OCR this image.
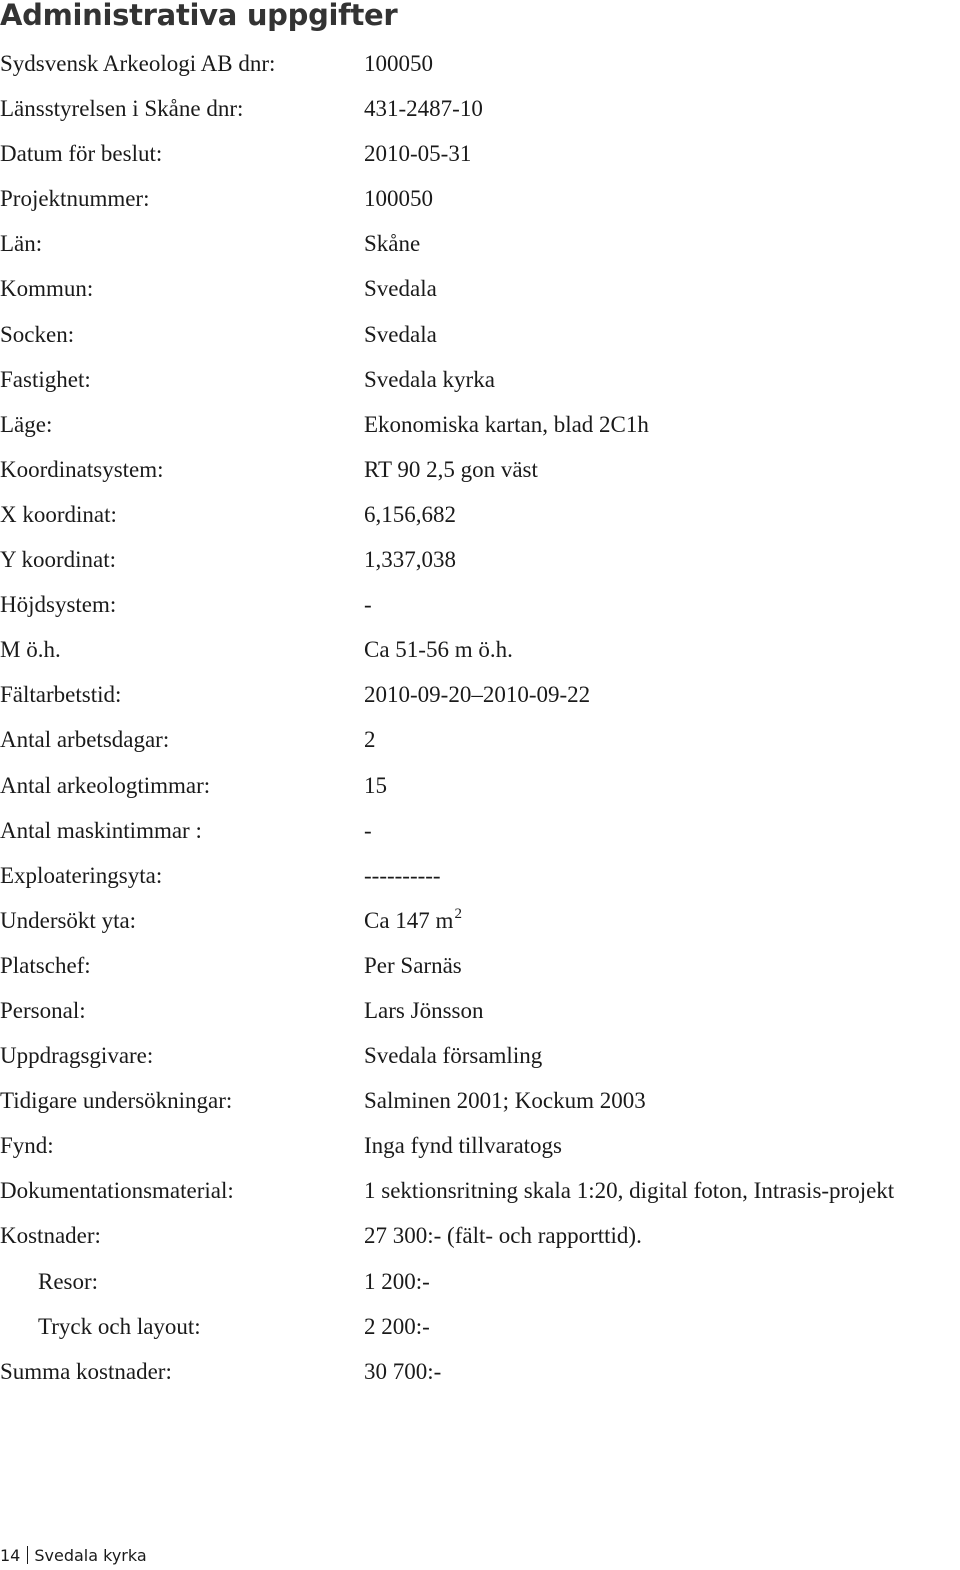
Administrativa uppgifter
Sydsvensk Arkeologi AB dnr:	100050
Länsstyrelsen i Skåne dnr:	431-2487-10
Datum för beslut:	2010-05-31
Projektnummer:	100050
Län:	Skåne
Kommun:	Svedala
Socken:	Svedala
Fastighet:	Svedala kyrka
Läge:	Ekonomiska kartan, blad 2C1h
Koordinatsystem:	RT 90 2,5 gon väst
X koordinat:	6,156,682
Y koordinat:	1,337,038
Höjdsystem:	-
M ö.h.	Ca 51-56 m ö.h.
Fältarbetstid:	2010-09-20–2010-09-22
Antal arbetsdagar:	2
Antal arkeologtimmar:	15
Antal maskintimmar :	-
Exploateringsyta:	----------
Undersökt yta:	Ca 147 $m^2$
Platschef:	Per Sarnäs
Personal:	Lars Jönsson
Uppdragsgivare:	Svedala församling
Tidigare undersökningar:	Salminen 2001; Kockum 2003
Fynd:	Inga fynd tillvaratogs
Dokumentationsmaterial:	1 sektionsritning skala 1:20, digital foton, Intrasis-projekt
Kostnader:	27 300:- (fält- och rapporttid).
Resor:	1 200:-
Tryck och layout:	2 200:-
Summa kostnader:	30 700:-
14 Svedala kyrka
